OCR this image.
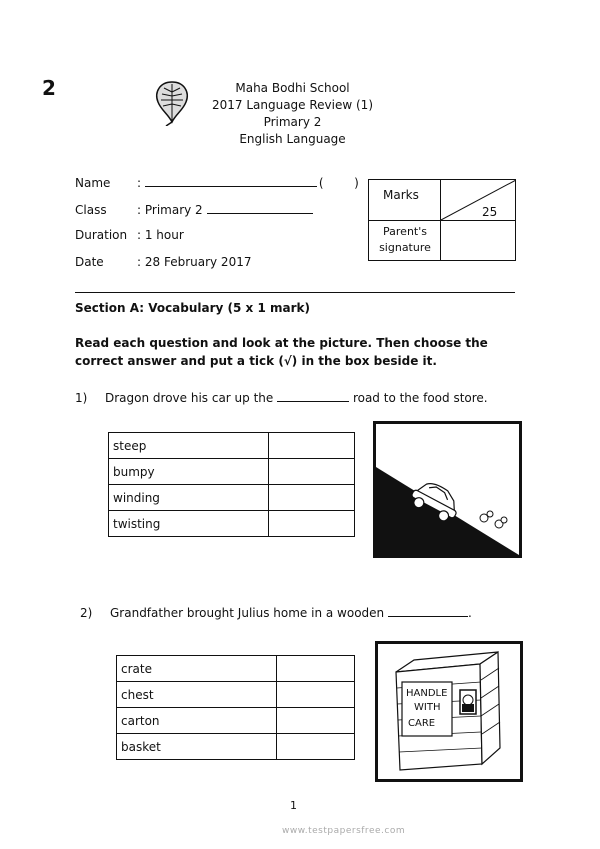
2	Maha Bodhi School
2017 Language Review (1)
Primary 2
English Language
Name :	(        )
Class	: Primary 2
Duration : 1 hour
Date	: 28 February 2017
Marks
25
Parent's
signature
Section A: Vocabulary (5 x 1 mark)
Read each question and look at the picture. Then choose the correct answer and put a tick (√) in the box beside it.
1) Dragon drove his car up the	road to the food store.
steep	
bumpy	
winding	
twisting	
2) Grandfather brought Julius home in a wooden	.
crate	
chest	
carton	
basket	
HANDLE
WITH
CARE
1
www.testpapersfree.com
